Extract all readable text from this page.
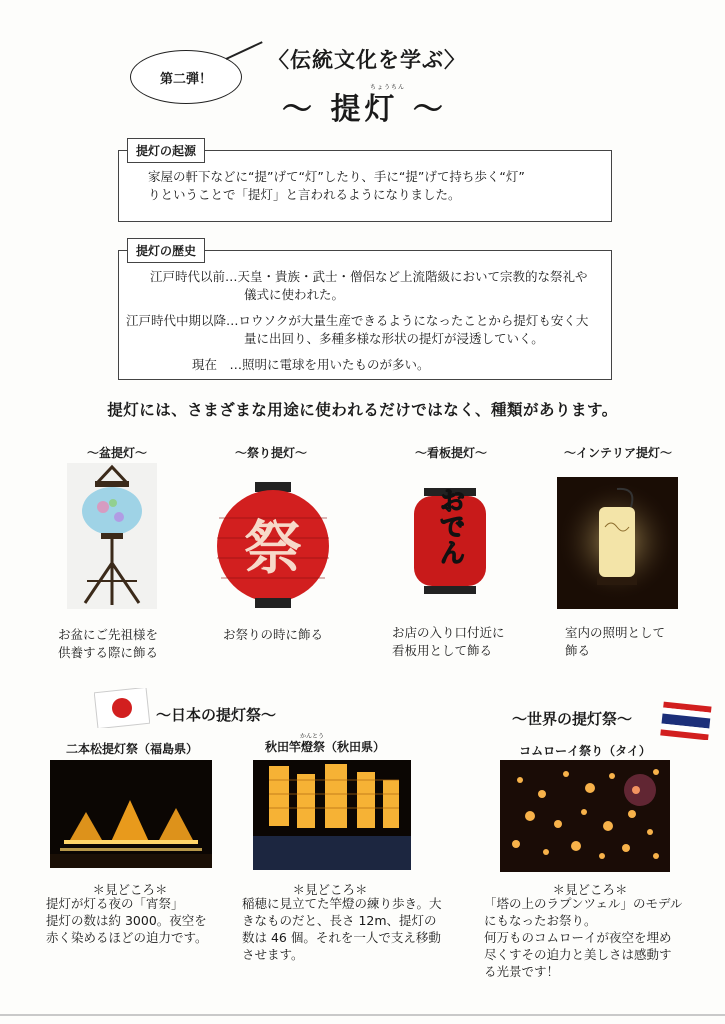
第二弾！
〈伝統文化を学ぶ〉
ちょうちん
～ 提灯 ～
提灯の起源
家屋の軒下などに“提”げて“灯”したり、手に“提”げて持ち歩く“灯”
りということで「提灯」と言われるようになりました。
提灯の歴史
江戸時代以前…天皇・貴族・武士・僧侶など上流階級において宗教的な祭礼や
儀式に使われた。
江戸時代中期以降…ロウソクが大量生産できるようになったことから提灯も安く大
量に出回り、多種多様な形状の提灯が浸透していく。
現在　…照明に電球を用いたものが多い。
提灯には、さまざまな用途に使われるだけではなく、種類があります。
～盆提灯～	～祭り提灯～	～看板提灯～	～インテリア提灯～
祭	おでん
お盆にご先祖様を
供養する際に飾る
お祭りの時に飾る	お店の入り口付近に
看板用として飾る
室内の照明として
飾る
～日本の提灯祭～	～世界の提灯祭～
二本松提灯祭（福島県）
かんとう
秋田竿燈祭（秋田県）	コムローイ祭り（タイ）
＊見どころ＊
提灯が灯る夜の「宵祭」
提灯の数は約 3000。夜空を
赤く染めるほどの迫力です。
＊見どころ＊
稲穂に見立てた竿燈の練り歩き。大
きなものだと、長さ 12m、提灯の
数は 46 個。それを一人で支え移動
させます。
＊見どころ＊
「塔の上のラプンツェル」のモデル
にもなったお祭り。
何万ものコムローイが夜空を埋め
尽くすその迫力と美しさは感動す
る光景です！
